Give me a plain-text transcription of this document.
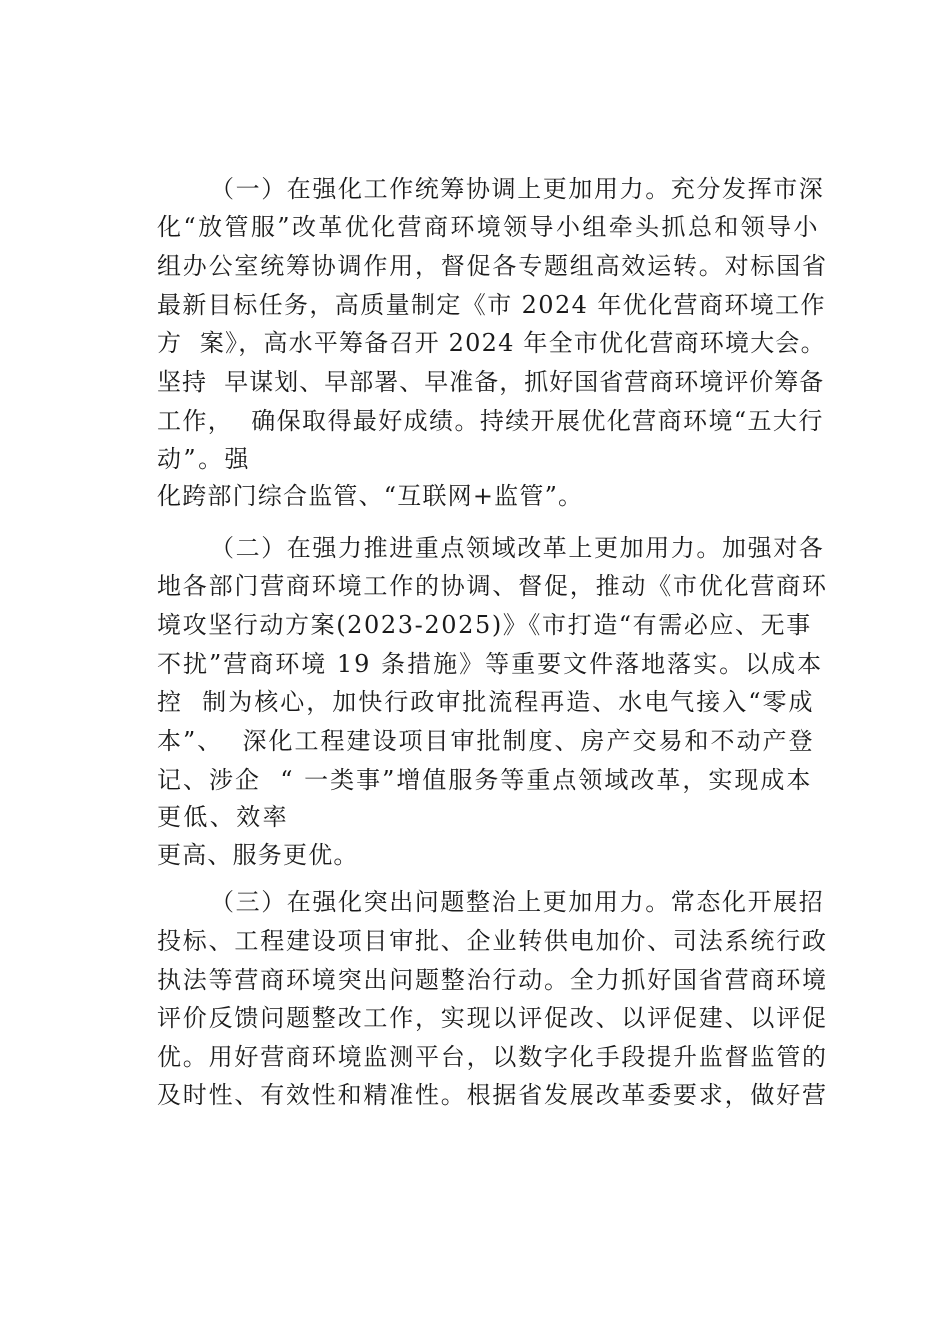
（一）在强化工作统筹协调上更加用力。充分发挥市深
化“放管服”改革优化营商环境领导小组牵头抓总和领导小
组办公室统筹协调作用，督促各专题组高效运转。对标国省
最新目标任务，高质量制定《市 2024 年优化营商环境工作
方  案》，高水平筹备召开 2024 年全市优化营商环境大会。
坚持  早谋划、早部署、早准备，抓好国省营商环境评价筹备
工作，  确保取得最好成绩。持续开展优化营商环境“五大行
动”。强
化跨部门综合监管、“互联网+监管”。
（二）在强力推进重点领域改革上更加用力。加强对各
地各部门营商环境工作的协调、督促，推动《市优化营商环
境攻坚行动方案(2023-2025)》《市打造“有需必应、无事
不扰”营商环境 19 条措施》等重要文件落地落实。以成本
控  制为核心，加快行政审批流程再造、水电气接入“零成
本”、  深化工程建设项目审批制度、房产交易和不动产登
记、涉企  “ 一类事”增值服务等重点领域改革，实现成本
更低、效率
更高、服务更优。
（三）在强化突出问题整治上更加用力。常态化开展招
投标、工程建设项目审批、企业转供电加价、司法系统行政
执法等营商环境突出问题整治行动。全力抓好国省营商环境
评价反馈问题整改工作，实现以评促改、以评促建、以评促
优。用好营商环境监测平台，以数字化手段提升监督监管的
及时性、有效性和精准性。根据省发展改革委要求，做好营
